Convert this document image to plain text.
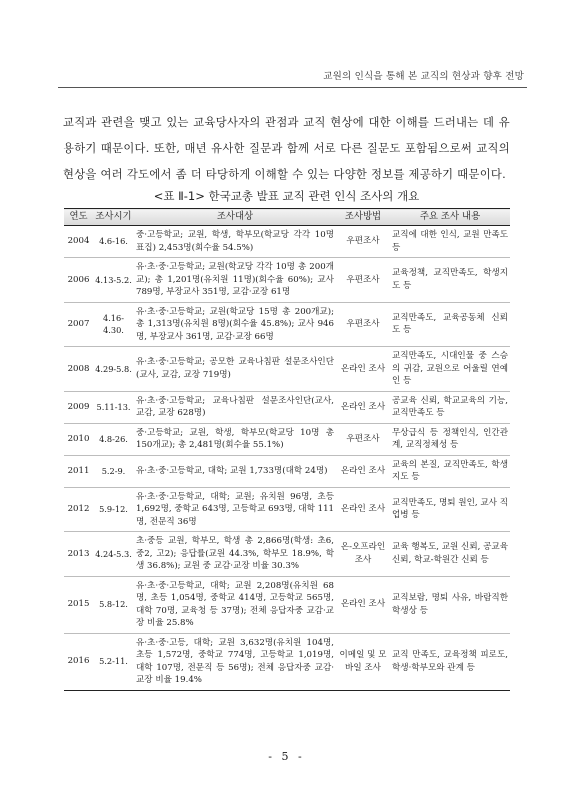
교원의 인식을 통해 본 교직의 현상과 향후 전망

교직과 관련을 맺고 있는 교육당사자의 관점과 교직 현상에 대한 이해를 드러내는 데 유용하기 때문이다. 또한, 매년 유사한 질문과 함께 서로 다른 질문도 포함됨으로써 교직의 현상을 여러 각도에서 좀 더 타당하게 이해할 수 있는 다양한 정보를 제공하기 때문이다.

<표 Ⅱ-1> 한국교총 발표 교직 관련 인식 조사의 개요
연도	조사시기	조사대상	조사방법	주요 조사 내용
2004	4.6-16.	중·고등학교; 교원, 학생, 학부모(학교당 각각 10명 표집) 2,453명(회수율 54.5%)	우편조사	교직에 대한 인식, 교원 만족도 등
2006	4.13-5.2.	유·초·중·고등학교; 교원(학교당 각각 10명 총 200개교); 총 1,201명(유치원 11명)(회수율 60%); 교사 789명, 부장교사 351명, 교감·교장 61명	우편조사	교육정책, 교직만족도, 학생지도 등
2007	4.16-4.30.	유·초·중·고등학교; 교원(학교당 15명 총 200개교); 총 1,313명(유치원 8명)(회수율 45.8%); 교사 946명, 부장교사 361명, 교감·교장 66명	우편조사	교직만족도, 교육공동체 신뢰도 등
2008	4.29-5.8.	유·초·중·고등학교; 공모한 교육나침판 설문조사인단(교사, 교감, 교장 719명)	온라인 조사	교직만족도, 시대인물 중 스승의 귀감, 교원으로 어울릴 연예인 등
2009	5.11-13.	유·초·중·고등학교; 교육나침판 설문조사인단(교사, 교감, 교장 628명)	온라인 조사	공교육 신뢰, 학교교육의 기능, 교직만족도 등
2010	4.8-26.	중·고등학교; 교원, 학생, 학부모(학교당 10명 총 150개교); 총 2,481명(회수율 55.1%)	우편조사	무상급식 등 정책인식, 인간관계, 교직정체성 등
2011	5.2-9.	유·초·중·고등학교, 대학; 교원 1,733명(대학 24명)	온라인 조사	교육의 본질, 교직만족도, 학생지도 등
2012	5.9-12.	유·초·중·고등학교, 대학; 교원; 유치원 96명, 초등 1,692명, 중학교 643명, 고등학교 693명, 대학 111명, 전문직 36명	온라인 조사	교직만족도, 명퇴 원인, 교사 직업병 등
2013	4.24-5.3.	초·중등 교원, 학부모, 학생 총 2,866명(학생: 초6, 중2, 고2); 응답률(교원 44.3%, 학부모 18.9%, 학생 36.8%); 교원 중 교감·교장 비율 30.3%	온-오프라인 조사	교육 행복도, 교원 신뢰, 공교육 신뢰, 학교-학원간 신뢰 등
2015	5.8-12.	유·초·중·고등학교, 대학; 교원 2,208명(유치원 68명, 초등 1,054명, 중학교 414명, 고등학교 565명, 대학 70명, 교육청 등 37명); 전체 응답자중 교감·교장 비율 25.8%	온라인 조사	교직보람, 명퇴 사유, 바람직한 학생상 등
2016	5.2-11.	유·초·중·고등, 대학; 교원 3,632명(유치원 104명, 초등 1,572명, 중학교 774명, 고등학교 1,019명, 대학 107명, 전문직 등 56명); 전체 응답자중 교감·교장 비율 19.4%	이메일 및 모바일 조사	교직 만족도, 교육정책 피로도, 학생·학부모와 관계 등
- 5 -
